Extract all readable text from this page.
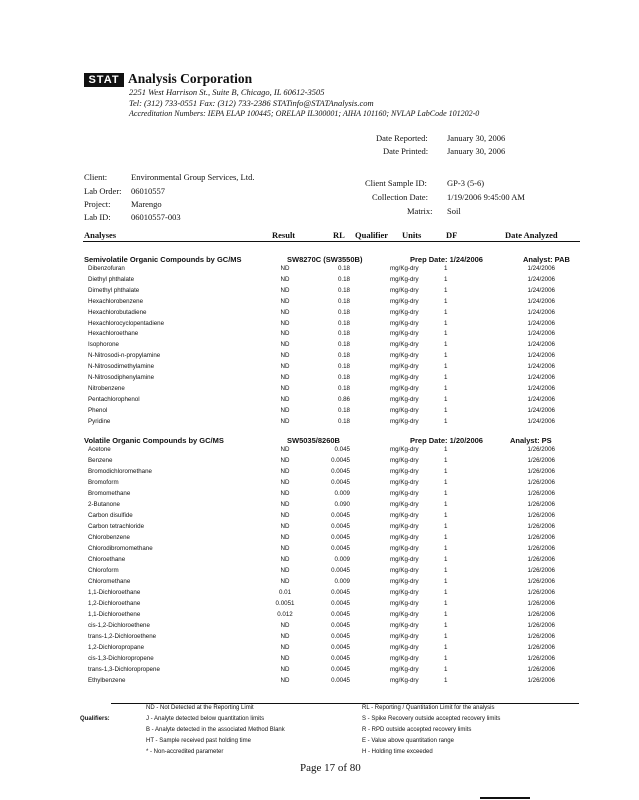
STAT Analysis Corporation
2251 West Harrison St., Suite B, Chicago, IL 60612-3505
Tel: (312) 733-0551 Fax: (312) 733-2386 STATinfo@STATAnalysis.com
Accreditation Numbers: IEPA ELAP 100445; ORELAP IL300001; AIHA 101160; NVLAP LabCode 101202-0
Date Reported: January 30, 2006
Date Printed: January 30, 2006
Client:	Environmental Group Services, Ltd.
Lab Order: 06010557
Project: Marengo
Lab ID: 06010557-003
Client Sample ID: GP-3 (5-6)
Collection Date: 1/19/2006 9:45:00 AM
Matrix: Soil
Analyses	Result	RL Qualifier Units	DF	Date Analyzed
Semivolatile Organic Compounds by GC/MS	SW8270C (SW3550B)	Prep Date: 1/24/2006	Analyst: PAB
Dibenzofuran	ND	0.18	mg/Kg-dry	1	1/24/2006
Diethyl phthalate	ND	0.18	mg/Kg-dry	1	1/24/2006
Dimethyl phthalate	ND	0.18	mg/Kg-dry	1	1/24/2006
Hexachlorobenzene	ND	0.18	mg/Kg-dry	1	1/24/2006
Hexachlorobutadiene	ND	0.18	mg/Kg-dry	1	1/24/2006
Hexachlorocyclopentadiene	ND	0.18	mg/Kg-dry	1	1/24/2006
Hexachloroethane	ND	0.18	mg/Kg-dry	1	1/24/2006
Isophorone	ND	0.18	mg/Kg-dry	1	1/24/2006
N-Nitrosodi-n-propylamine	ND	0.18	mg/Kg-dry	1	1/24/2006
N-Nitrosodimethylamine	ND	0.18	mg/Kg-dry	1	1/24/2006
N-Nitrosodiphenylamine	ND	0.18	mg/Kg-dry	1	1/24/2006
Nitrobenzene	ND	0.18	mg/Kg-dry	1	1/24/2006
Pentachlorophenol	ND	0.86	mg/Kg-dry	1	1/24/2006
Phenol	ND	0.18	mg/Kg-dry	1	1/24/2006
Pyridine	ND	0.18	mg/Kg-dry	1	1/24/2006
Volatile Organic Compounds by GC/MS	SW5035/8260B	Prep Date: 1/20/2006	Analyst: PS
Acetone	ND	0.045	mg/Kg-dry	1	1/26/2006
Benzene	ND	0.0045	mg/Kg-dry	1	1/26/2006
Bromodichloromethane	ND	0.0045	mg/Kg-dry	1	1/26/2006
Bromoform	ND	0.0045	mg/Kg-dry	1	1/26/2006
Bromomethane	ND	0.009	mg/Kg-dry	1	1/26/2006
2-Butanone	ND	0.090	mg/Kg-dry	1	1/26/2006
Carbon disulfide	ND	0.0045	mg/Kg-dry	1	1/26/2006
Carbon tetrachloride	ND	0.0045	mg/Kg-dry	1	1/26/2006
Chlorobenzene	ND	0.0045	mg/Kg-dry	1	1/26/2006
Chlorodibromomethane	ND	0.0045	mg/Kg-dry	1	1/26/2006
Chloroethane	ND	0.009	mg/Kg-dry	1	1/26/2006
Chloroform	ND	0.0045	mg/Kg-dry	1	1/26/2006
Chloromethane	ND	0.009	mg/Kg-dry	1	1/26/2006
1,1-Dichloroethane	0.01	0.0045	mg/Kg-dry	1	1/26/2006
1,2-Dichloroethane	0.0051	0.0045	mg/Kg-dry	1	1/26/2006
1,1-Dichloroethene	0.012	0.0045	mg/Kg-dry	1	1/26/2006
cis-1,2-Dichloroethene	ND	0.0045	mg/Kg-dry	1	1/26/2006
trans-1,2-Dichloroethene	ND	0.0045	mg/Kg-dry	1	1/26/2006
1,2-Dichloropropane	ND	0.0045	mg/Kg-dry	1	1/26/2006
cis-1,3-Dichloropropene	ND	0.0045	mg/Kg-dry	1	1/26/2006
trans-1,3-Dichloropropene	ND	0.0045	mg/Kg-dry	1	1/26/2006
Ethylbenzene	ND	0.0045	mg/Kg-dry	1	1/26/2006
Qualifiers:
ND - Not Detected at the Reporting Limit
J - Analyte detected below quantitation limits
B - Analyte detected in the associated Method Blank
HT - Sample received past holding time
* - Non-accredited parameter
RL - Reporting / Quantitation Limit for the analysis
S - Spike Recovery outside accepted recovery limits
R - RPD outside accepted recovery limits
E - Value above quantitation range
H - Holding time exceeded
Page 17 of 80
